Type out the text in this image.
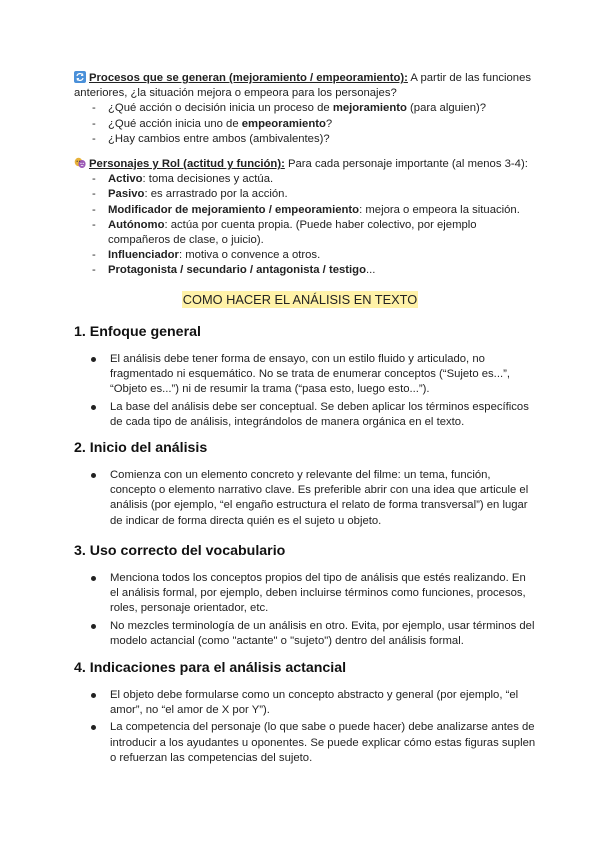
Procesos que se generan (mejoramiento / empeoramiento): A partir de las funciones anteriores, ¿la situación mejora o empeora para los personajes?

- ¿Qué acción o decisión inicia un proceso de mejoramiento (para alguien)?
- ¿Qué acción inicia uno de empeoramiento?
- ¿Hay cambios entre ambos (ambivalentes)?

Personajes y Rol (actitud y función): Para cada personaje importante (al menos 3-4):

- Activo: toma decisiones y actúa.
- Pasivo: es arrastrado por la acción.
- Modificador de mejoramiento / empeoramiento: mejora o empeora la situación.
- Autónomo: actúa por cuenta propia. (Puede haber colectivo, por ejemplo compañeros de clase, o juicio).
- Influenciador: motiva o convence a otros.
- Protagonista / secundario / antagonista / testigo...
COMO HACER EL ANÁLISIS EN TEXTO
1. Enfoque general
El análisis debe tener forma de ensayo, con un estilo fluido y articulado, no fragmentado ni esquemático. No se trata de enumerar conceptos (“Sujeto es...”, “Objeto es...”) ni de resumir la trama (“pasa esto, luego esto...”).
La base del análisis debe ser conceptual. Se deben aplicar los términos específicos de cada tipo de análisis, integrándolos de manera orgánica en el texto.
2. Inicio del análisis
Comienza con un elemento concreto y relevante del filme: un tema, función, concepto o elemento narrativo clave. Es preferible abrir con una idea que articule el análisis (por ejemplo, “el engaño estructura el relato de forma transversal”) en lugar de indicar de forma directa quién es el sujeto u objeto.
3. Uso correcto del vocabulario
Menciona todos los conceptos propios del tipo de análisis que estés realizando. En el análisis formal, por ejemplo, deben incluirse términos como funciones, procesos, roles, personaje orientador, etc.
No mezcles terminología de un análisis en otro. Evita, por ejemplo, usar términos del modelo actancial (como "actante" o "sujeto") dentro del análisis formal.
4. Indicaciones para el análisis actancial
El objeto debe formularse como un concepto abstracto y general (por ejemplo, “el amor”, no “el amor de X por Y”).
La competencia del personaje (lo que sabe o puede hacer) debe analizarse antes de introducir a los ayudantes u oponentes. Se puede explicar cómo estas figuras suplen o refuerzan las competencias del sujeto.
